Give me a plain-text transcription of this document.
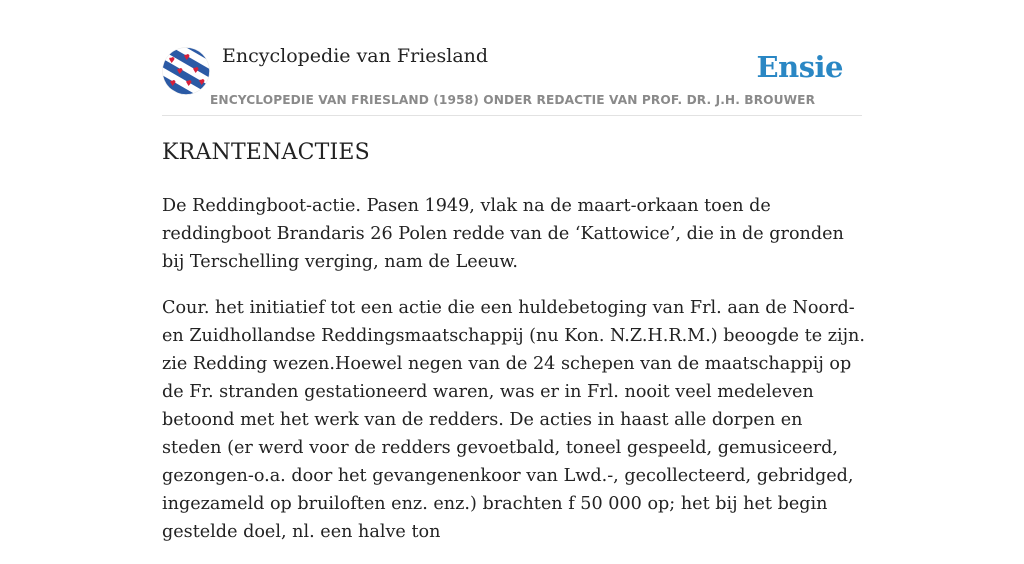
Encyclopedie van Friesland	Ensie
ENCYCLOPEDIE VAN FRIESLAND (1958) ONDER REDACTIE VAN PROF. DR. J.H. BROUWER
KRANTENACTIES

De Reddingboot-actie. Pasen 1949, vlak na de maart-orkaan toen de reddingboot Brandaris 26 Polen redde van de ‘Kattowice’, die in de gronden bij Terschelling verging, nam de Leeuw.

Cour. het initiatief tot een actie die een huldebetoging van Frl. aan de Noord- en Zuidhollandse Reddingsmaatschappij (nu Kon. N.Z.H.R.M.) beoogde te zijn. zie Redding wezen.Hoewel negen van de 24 schepen van de maatschappij op de Fr. stranden gestationeerd waren, was er in Frl. nooit veel medeleven betoond met het werk van de redders. De acties in haast alle dorpen en steden (er werd voor de redders gevoetbald, toneel gespeeld, gemusiceerd, gezongen-o.a. door het gevangenenkoor van Lwd.-, gecollecteerd, gebridged, ingezameld op bruiloften enz. enz.) brachten f 50 000 op; het bij het begin gestelde doel, nl. een halve ton
